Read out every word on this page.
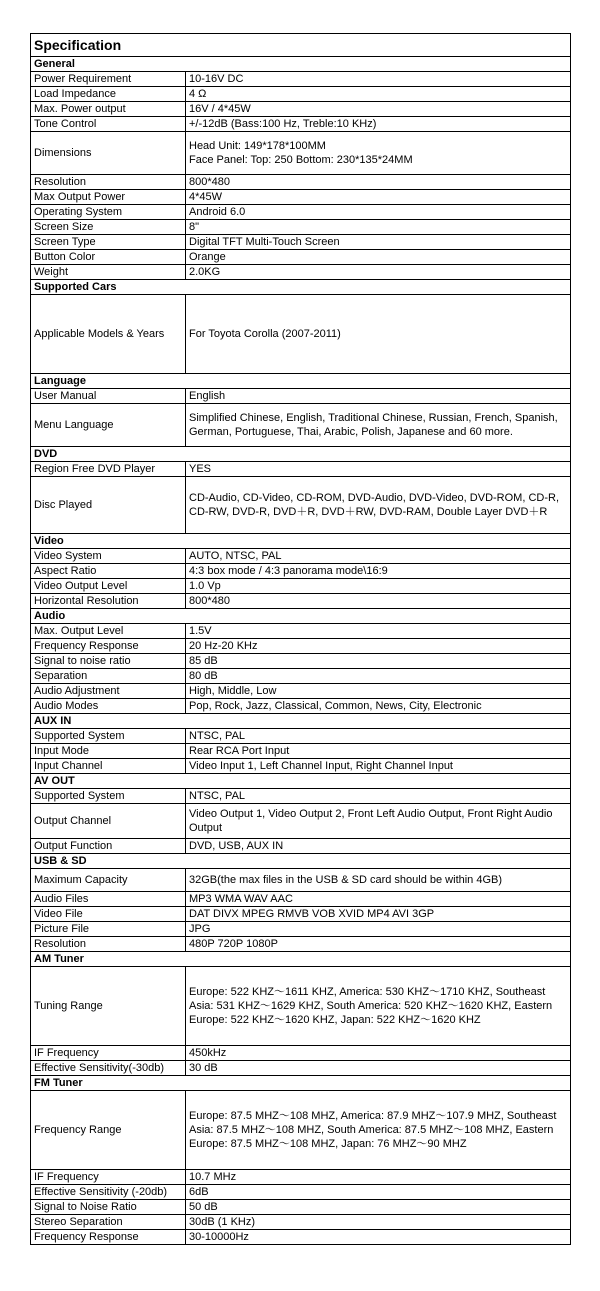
Specification	
General	
Power Requirement	10-16V DC
Load Impedance	4 Ω
Max. Power output	16V / 4*45W
Tone Control	+/-12dB (Bass:100 Hz, Treble:10 KHz)
Dimensions	Head Unit: 149*178*100MM
Face Panel: Top: 250 Bottom: 230*135*24MM
Resolution	800*480
Max Output Power	4*45W
Operating System	Android 6.0
Screen Size	8"
Screen Type	Digital TFT Multi-Touch Screen
Button Color	Orange
Weight	2.0KG
Supported Cars	
Applicable Models & Years	For Toyota Corolla (2007-2011)
Language	
User Manual	English
Menu Language	Simplified Chinese, English, Traditional Chinese, Russian, French, Spanish, German, Portuguese, Thai, Arabic, Polish, Japanese and 60 more.
DVD	
Region Free DVD Player	YES
Disc Played	CD-Audio, CD-Video, CD-ROM, DVD-Audio, DVD-Video, DVD-ROM, CD-R, CD-RW, DVD-R, DVD＋R, DVD＋RW, DVD-RAM, Double Layer DVD＋R
Video	
Video System	AUTO, NTSC, PAL
Aspect Ratio	4:3 box mode / 4:3 panorama mode\16:9
Video Output Level	1.0 Vp
Horizontal Resolution	800*480
Audio	
Max. Output Level	1.5V
Frequency Response	20 Hz-20 KHz
Signal to noise ratio	85 dB
Separation	80 dB
Audio Adjustment	High, Middle, Low
Audio Modes	Pop, Rock, Jazz, Classical, Common, News, City, Electronic
AUX IN	
Supported System	NTSC, PAL
Input Mode	Rear RCA Port Input
Input Channel	Video Input 1, Left Channel Input, Right Channel Input
AV OUT	
Supported System	NTSC, PAL
Output Channel	Video Output 1, Video Output 2, Front Left Audio Output, Front Right Audio Output
Output Function	DVD, USB, AUX IN
USB & SD	
Maximum Capacity	32GB(the max files in the USB & SD card should be within 4GB)
Audio Files	MP3 WMA WAV AAC
Video File	DAT DIVX MPEG RMVB VOB XVID MP4 AVI 3GP
Picture File	JPG
Resolution	480P 720P 1080P
AM Tuner	
Tuning Range	Europe: 522 KHZ～1611 KHZ, America: 530 KHZ～1710 KHZ, Southeast Asia: 531 KHZ～1629 KHZ, South America: 520 KHZ～1620 KHZ, Eastern Europe: 522 KHZ～1620 KHZ, Japan: 522 KHZ～1620 KHZ
IF Frequency	450kHz
Effective Sensitivity(-30db)	30 dB
FM Tuner	
Frequency Range	Europe: 87.5 MHZ～108 MHZ, America: 87.9 MHZ～107.9 MHZ, Southeast Asia: 87.5 MHZ～108 MHZ, South America: 87.5 MHZ～108 MHZ, Eastern Europe: 87.5 MHZ～108 MHZ, Japan: 76 MHZ～90 MHZ
IF Frequency	10.7 MHz
Effective Sensitivity (-20db)	6dB
Signal to Noise Ratio	50 dB
Stereo Separation	30dB (1 KHz)
Frequency Response	30-10000Hz
